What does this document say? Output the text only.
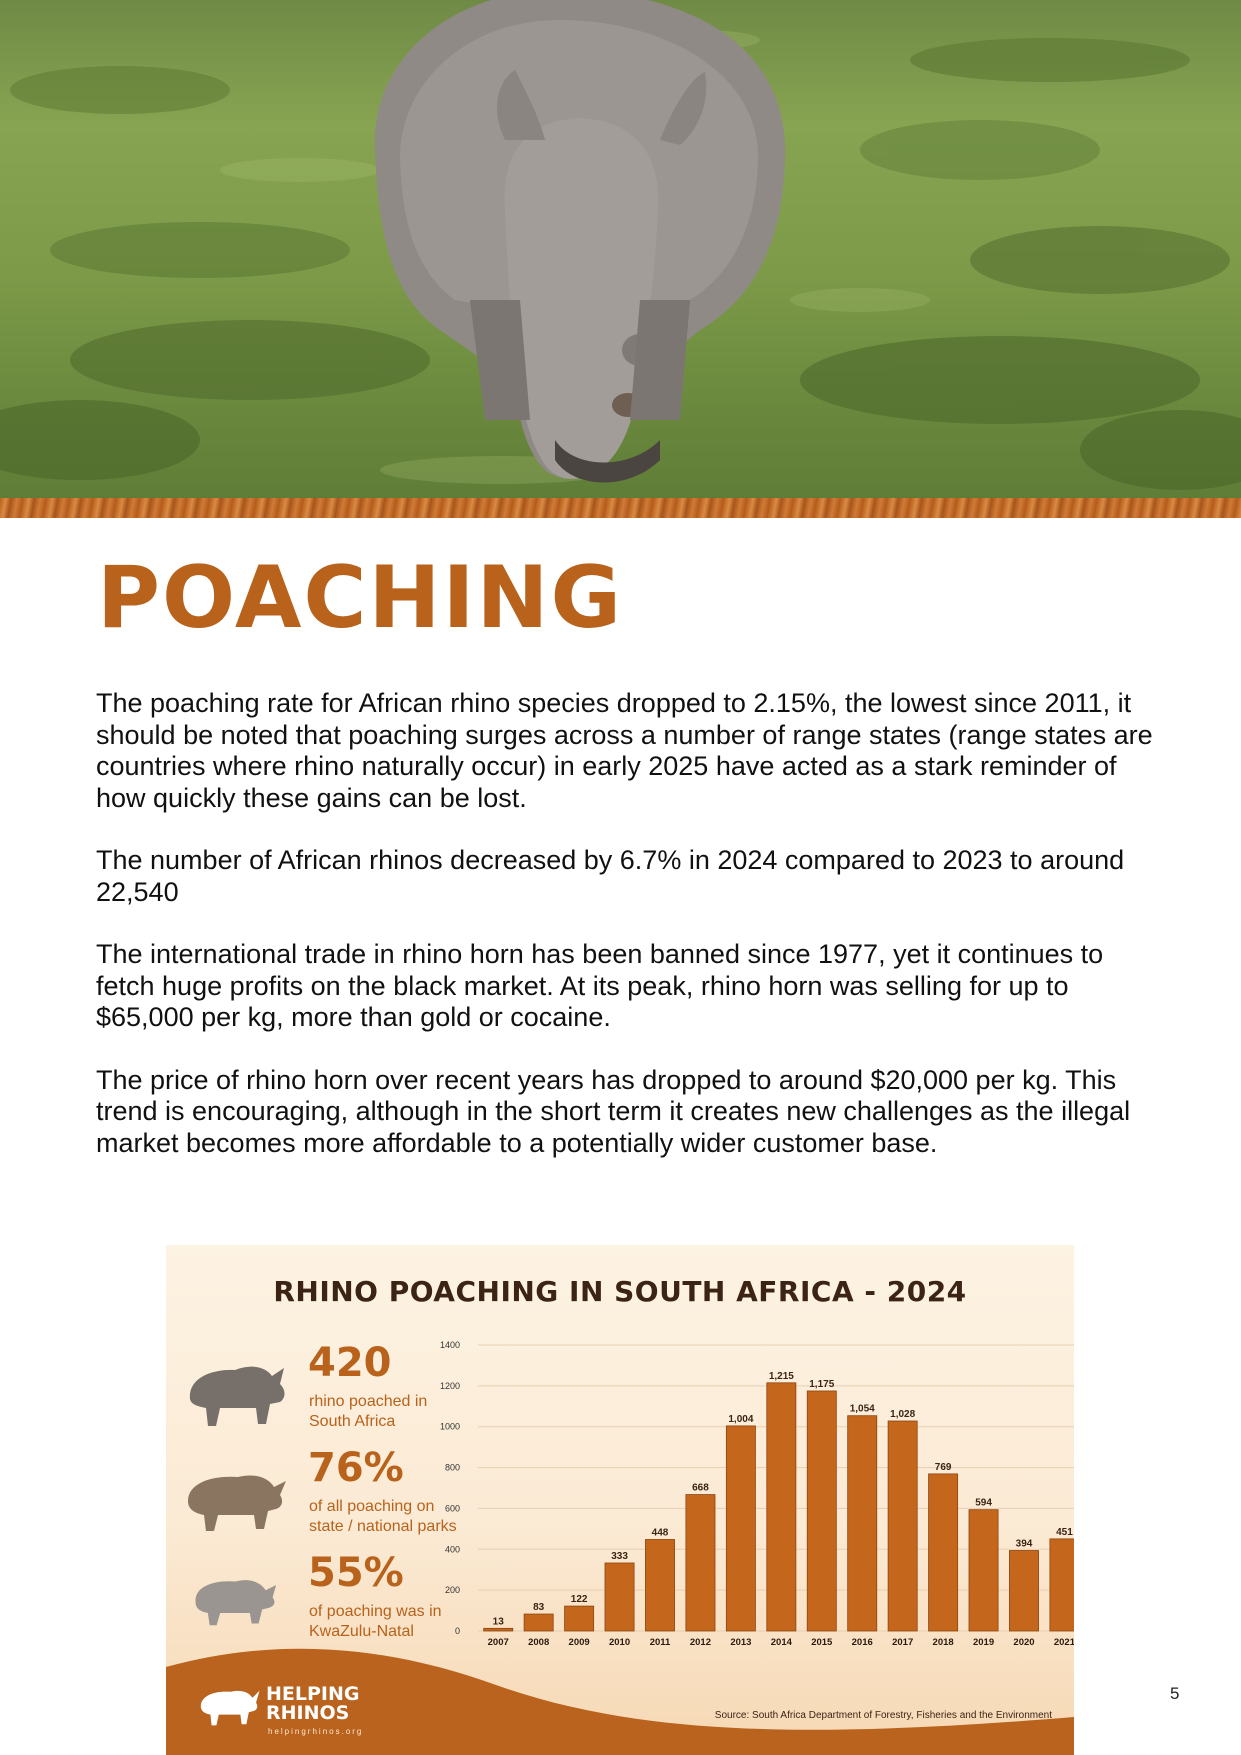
POACHING

The poaching rate for African rhino species dropped to 2.15%, the lowest since 2011, it should be noted that poaching surges across a number of range states (range states are countries where rhino naturally occur) in early 2025 have acted as a stark reminder of how quickly these gains can be lost.

The number of African rhinos decreased by 6.7% in 2024 compared to 2023 to around 22,540

The international trade in rhino horn has been banned since 1977, yet it continues to fetch huge profits on the black market. At its peak, rhino horn was selling for up to $65,000 per kg, more than gold or cocaine.

The price of rhino horn over recent years has dropped to around $20,000 per kg. This trend is encouraging, although in the short term it creates new challenges as the illegal market becomes more affordable to a potentially wider customer base.

RHINO POACHING IN SOUTH AFRICA - 2024
420
rhino poached in South Africa
76%
of all poaching on state / national parks
55%
of poaching was in KwaZulu-Natal	0
200
400
600
800
1000
1200
1400
13
2007
83
2008
122
2009
333
2010
448
2011
668
2012
1,004
2013
1,215
2014
1,175
2015
1,054
2016
1,028
2017
769
2018
594
2019
394
2020
451
2021
448
2022
499
2023
420
2024
HELPING RHINOS
helpingrhinos.org
Source: South Africa Department of Forestry, Fisheries and the Environment
5
